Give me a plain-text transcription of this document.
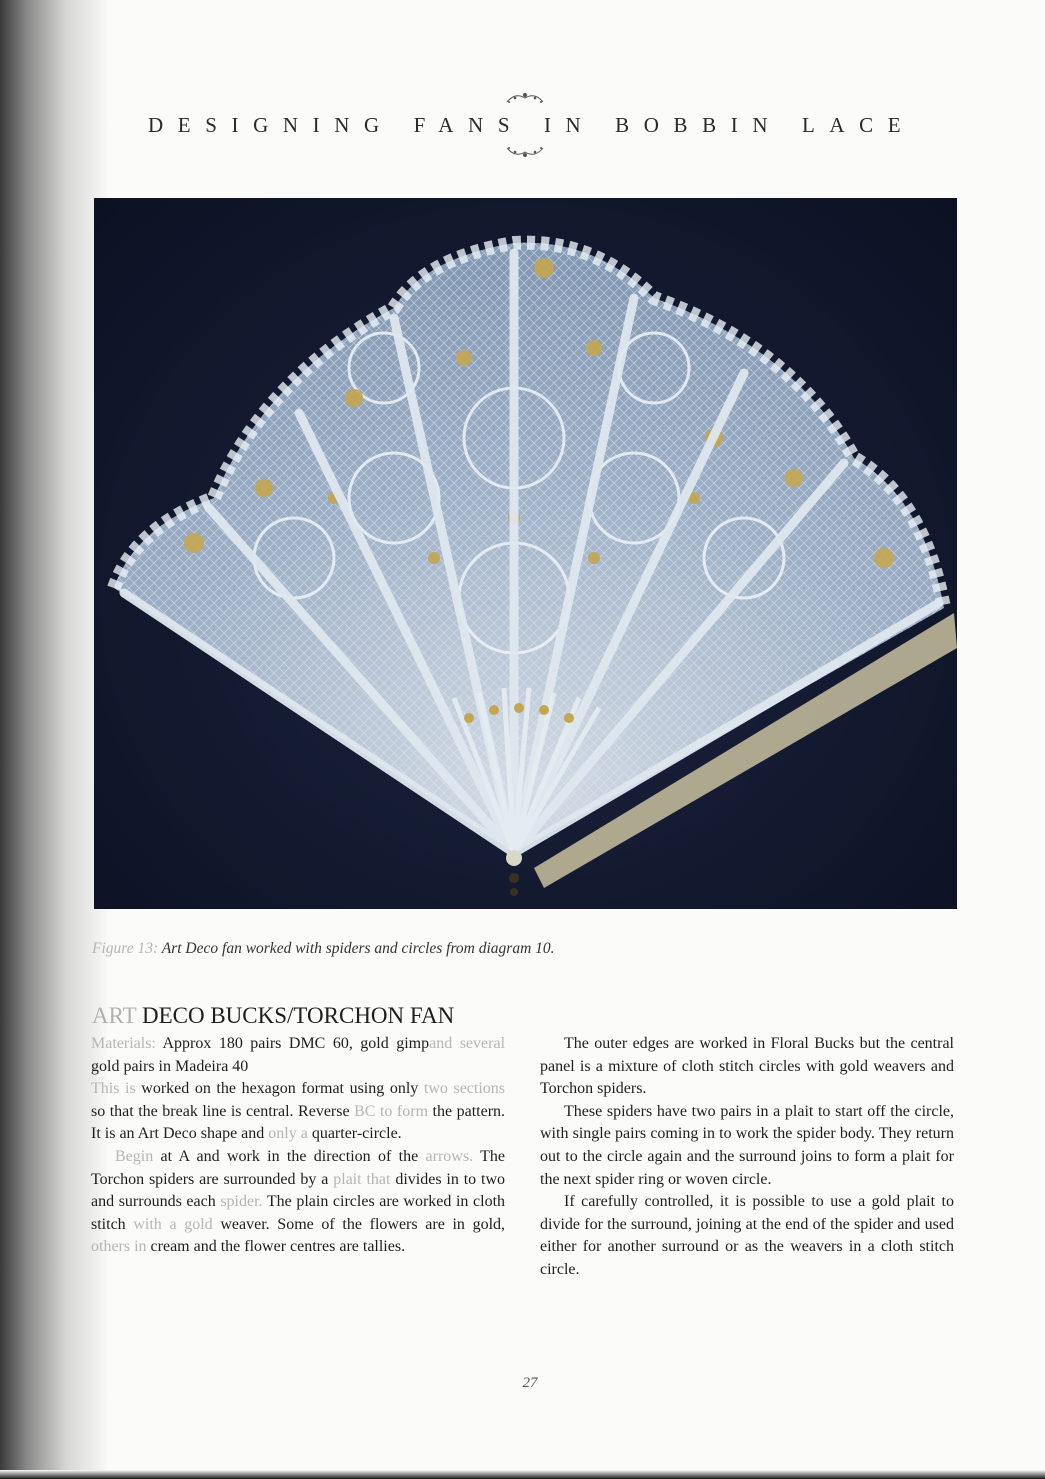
DESIGNING FANS IN BOBBIN LACE
Figure 13: Art Deco fan worked with spiders and circles from diagram 10.
ART DECO BUCKS/TORCHON FAN

Materials: Approx 180 pairs DMC 60, gold gimpand several gold pairs in Madeira 40

This is worked on the hexagon format using only two sections so that the break line is central. Reverse BC to form the pattern. It is an Art Deco shape and only a quarter-circle.

Begin at A and work in the direction of the arrows. The Torchon spiders are surrounded by a plait that divides in to two and surrounds each spider. The plain circles are worked in cloth stitch with a gold weaver. Some of the flowers are in gold, others in cream and the flower centres are tallies.

The outer edges are worked in Floral Bucks but the central panel is a mixture of cloth stitch circles with gold weavers and Torchon spiders.

These spiders have two pairs in a plait to start off the circle, with single pairs coming in to work the spider body. They return out to the circle again and the surround joins to form a plait for the next spider ring or woven circle.

If carefully controlled, it is possible to use a gold plait to divide for the surround, joining at the end of the spider and used either for another surround or as the weavers in a cloth stitch circle.

27
